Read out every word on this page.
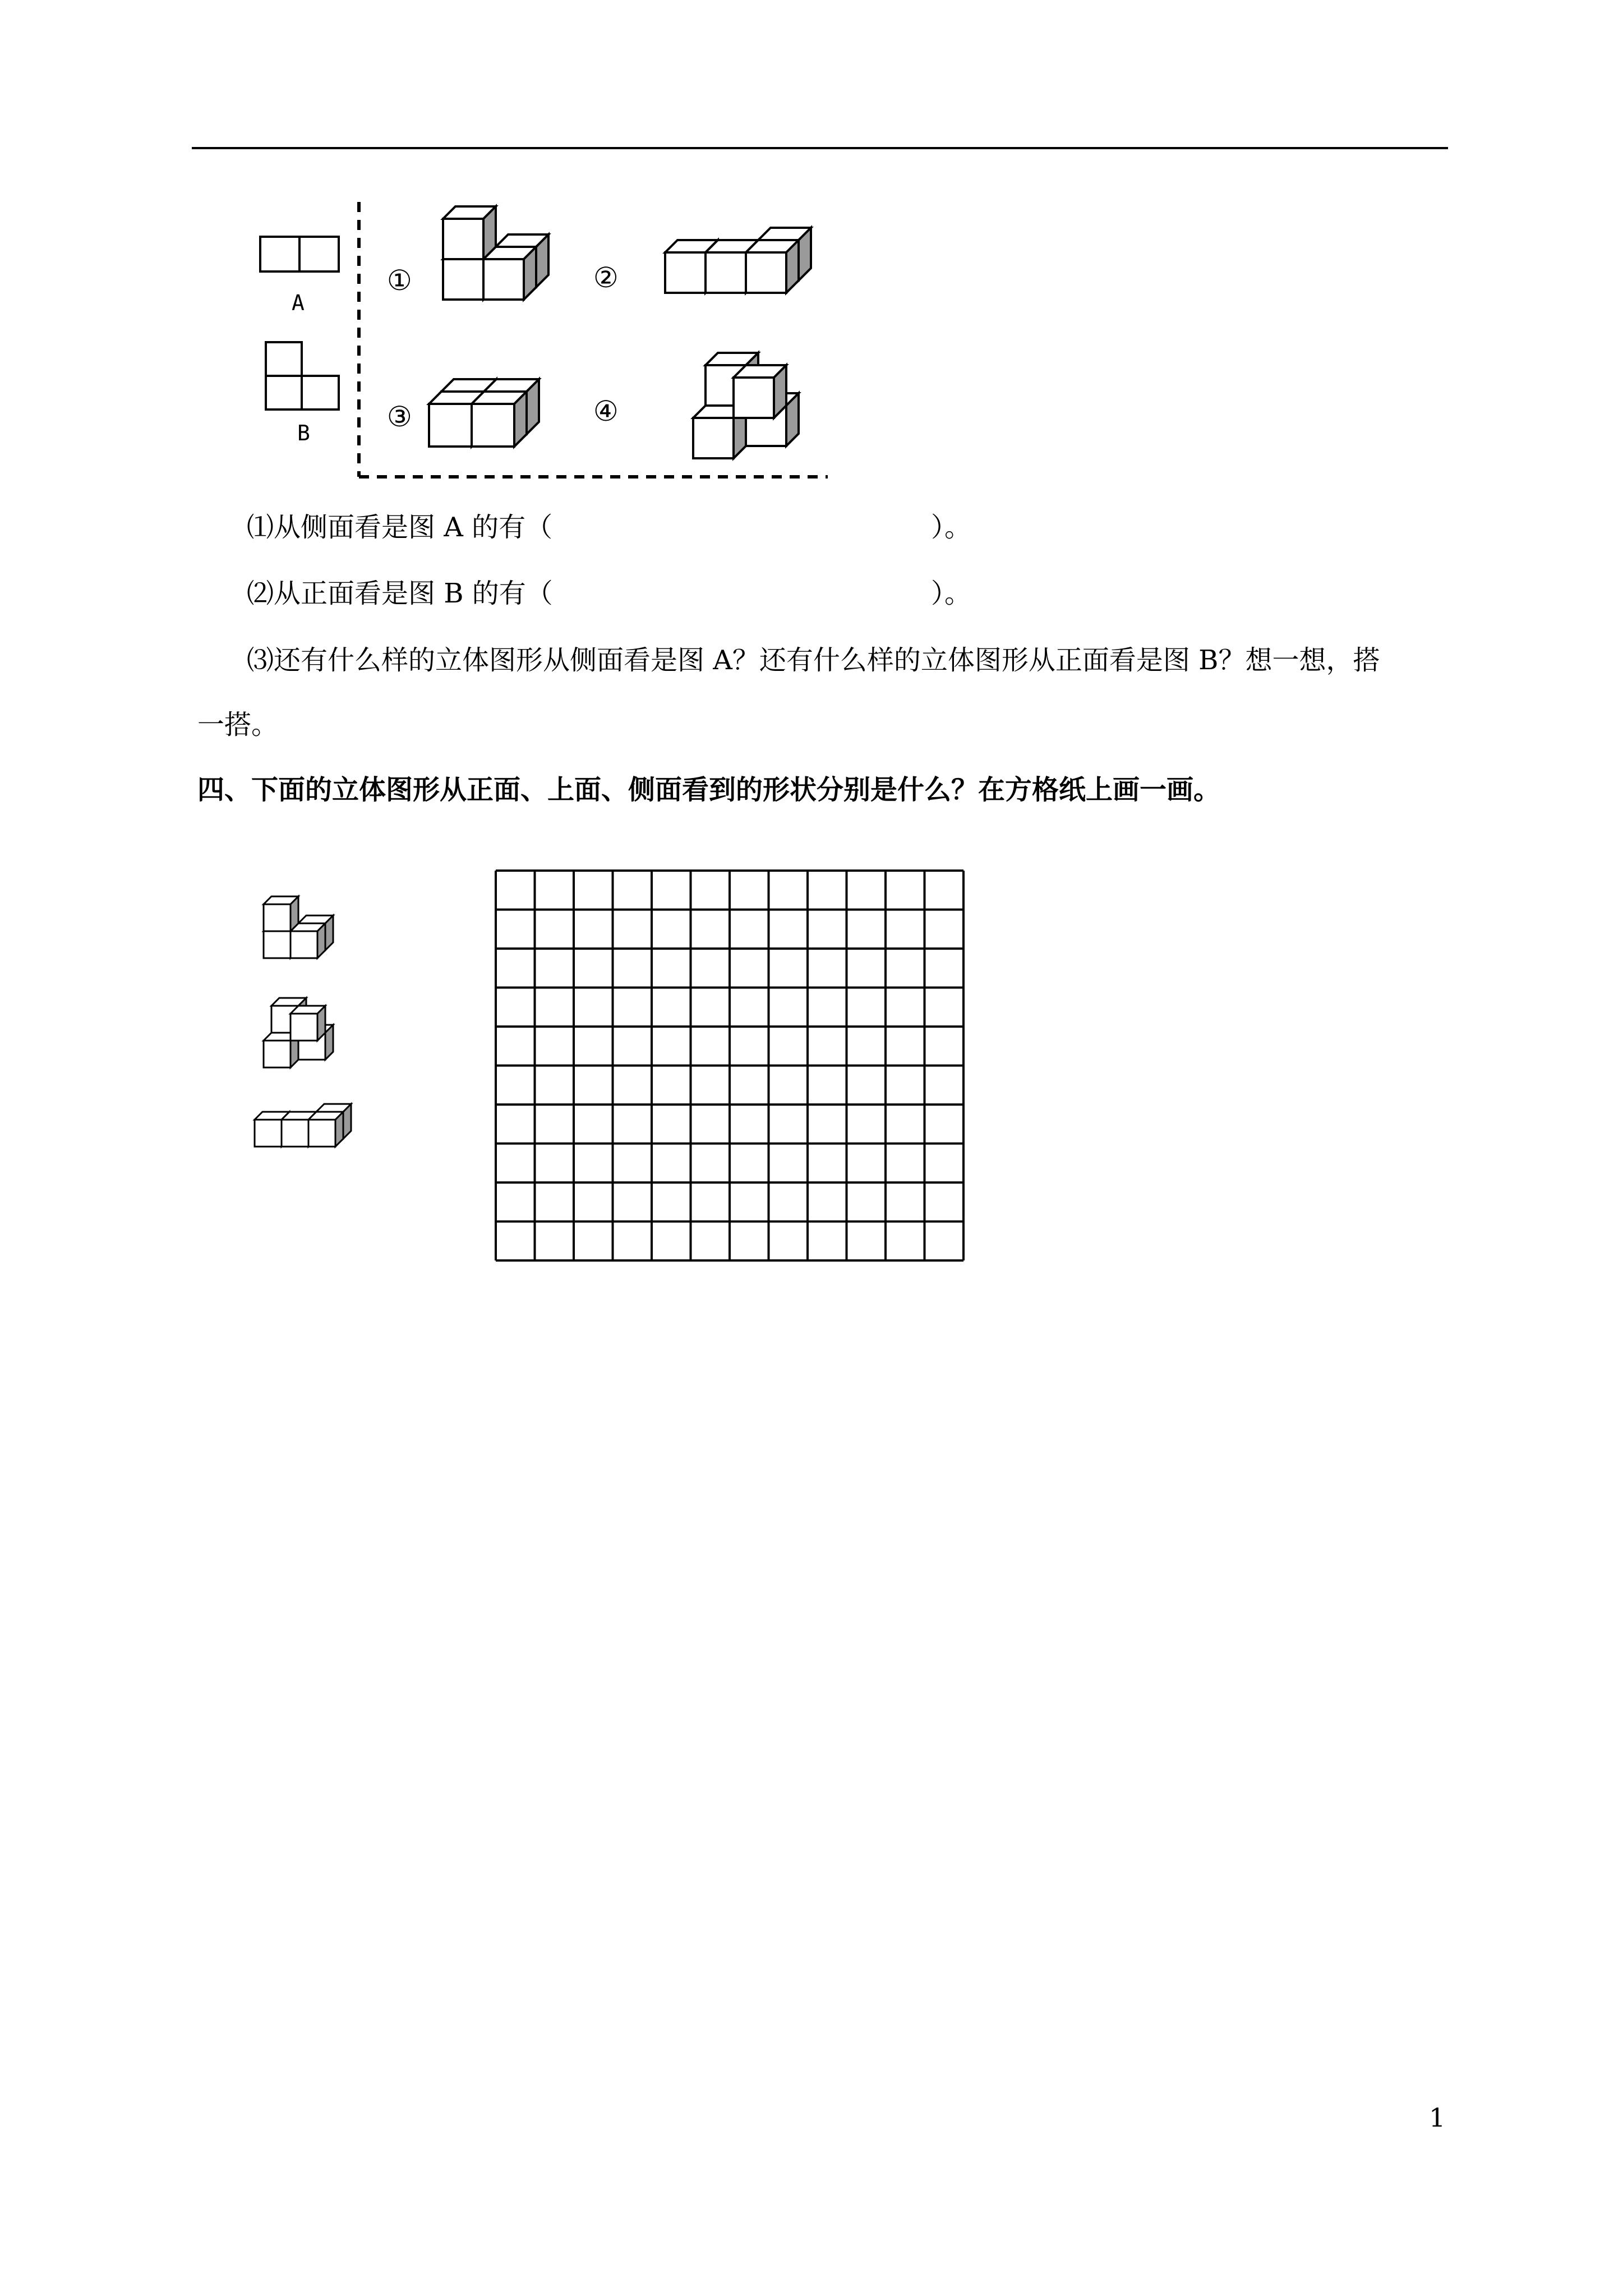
A
B
①	②
③	④
⑴从侧面看是图 A 的有（	）。
⑵从正面看是图 B 的有（	）。
⑶还有什么样的立体图形从侧面看是图 A？还有什么样的立体图形从正面看是图 B？想一想，搭
一搭。
四、下面的立体图形从正面、上面、侧面看到的形状分别是什么？在方格纸上画一画。
1
